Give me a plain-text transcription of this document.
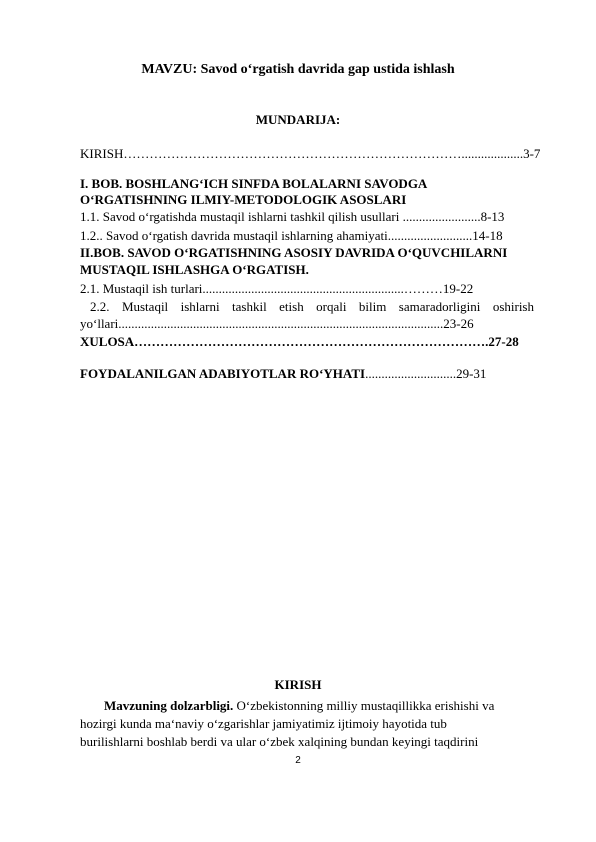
MAVZU: Savod o‘rgatish davrida gap ustida ishlash
MUNDARIJA:
KIRISH……………………………………………………………………...................3-7
I. BOB. BOSHLANG‘ICH SINFDA BOLALARNI SAVODGA
O‘RGATISHNING ILMIY-METODOLOGIK ASOSLARI
1.1. Savod o‘rgatishda mustaqil ishlarni tashkil qilish usullari ........................8-13
1.2.. Savod o‘rgatish davrida mustaqil ishlarning ahamiyati..........................14-18
II.BOB. SAVOD O‘RGATISHNING ASOSIY DAVRIDA O‘QUVCHILARNI
MUSTAQIL ISHLASHGA O‘RGATISH.
2.1. Mustaqil ish turlari..............................................................………19-22
2.2. Mustaqil ishlarni tashkil etish orqali bilim samaradorligini oshirish
yo‘llari....................................................................................................23-26
XULOSA……………………………………………………………………….27-28
FOYDALANILGAN ADABIYOTLAR RO‘YHATI............................29-31
KIRISH
Mavzuning dolzarbligi. O‘zbekistonning milliy mustaqillikka erishishi va
hozirgi kunda ma‘naviy o‘zgarishlar jamiyatimiz ijtimoiy hayotida tub
burilishlarni boshlab berdi va ular o‘zbek xalqining bundan keyingi taqdirini
2
